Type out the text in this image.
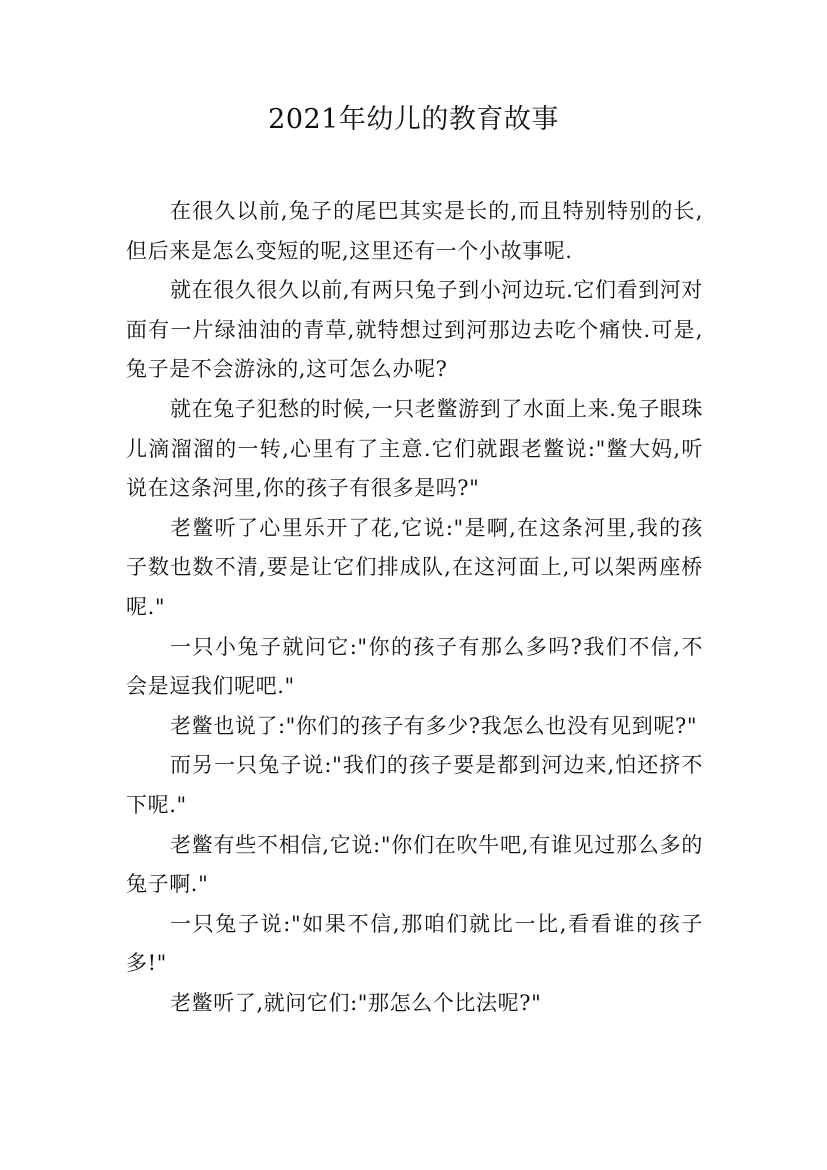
2021年幼儿的教育故事

在很久以前,兔子的尾巴其实是长的,而且特别特别的长,但后来是怎么变短的呢,这里还有一个小故事呢.

就在很久很久以前,有两只兔子到小河边玩.它们看到河对面有一片绿油油的青草,就特想过到河那边去吃个痛快.可是,兔子是不会游泳的,这可怎么办呢?

就在兔子犯愁的时候,一只老鳖游到了水面上来.兔子眼珠儿滴溜溜的一转,心里有了主意.它们就跟老鳖说:"鳖大妈,听说在这条河里,你的孩子有很多是吗?"

老鳖听了心里乐开了花,它说:"是啊,在这条河里,我的孩子数也数不清,要是让它们排成队,在这河面上,可以架两座桥呢."

一只小兔子就问它:"你的孩子有那么多吗?我们不信,不会是逗我们呢吧."

老鳖也说了:"你们的孩子有多少?我怎么也没有见到呢?"

而另一只兔子说:"我们的孩子要是都到河边来,怕还挤不下呢."

老鳖有些不相信,它说:"你们在吹牛吧,有谁见过那么多的兔子啊."

一只兔子说:"如果不信,那咱们就比一比,看看谁的孩子多!"

老鳖听了,就问它们:"那怎么个比法呢?"
